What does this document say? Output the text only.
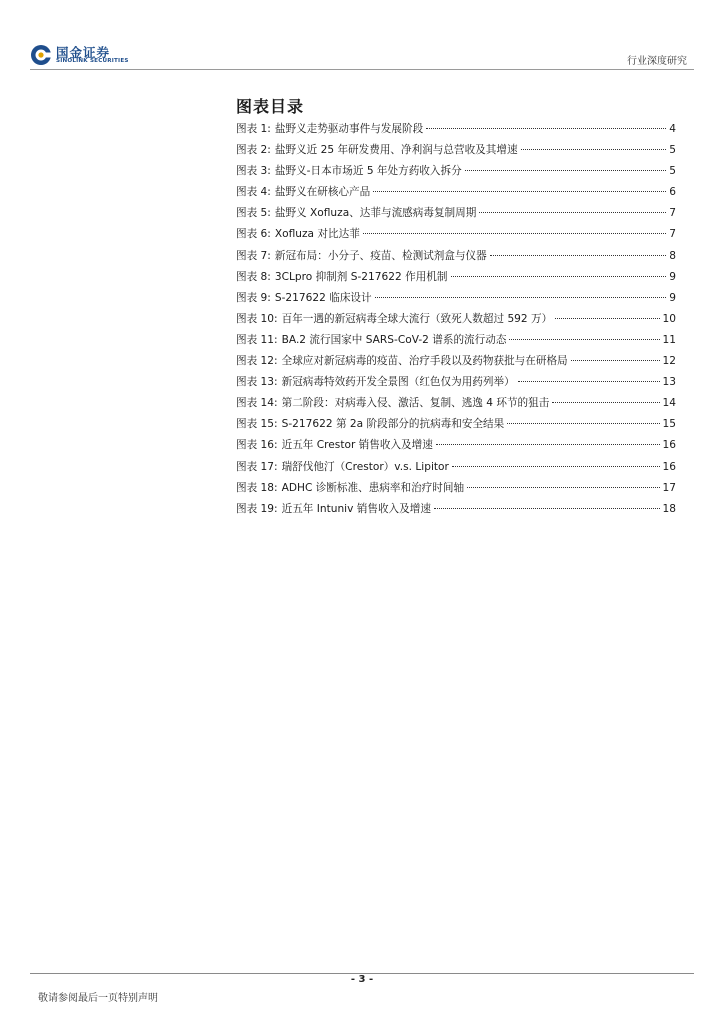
国金证券
SINOLINK SECURITIES	行业深度研究
图表目录
图表 1: 盐野义走势驱动事件与发展阶段	4
图表 2: 盐野义近 25 年研发费用、净利润与总营收及其增速	5
图表 3: 盐野义-日本市场近 5 年处方药收入拆分	5
图表 4: 盐野义在研核心产品	6
图表 5: 盐野义 Xofluza、达菲与流感病毒复制周期	7
图表 6: Xofluza 对比达菲	7
图表 7: 新冠布局：小分子、疫苗、检测试剂盒与仪器	8
图表 8: 3CLpro 抑制剂 S-217622 作用机制	9
图表 9: S-217622 临床设计	9
图表 10: 百年一遇的新冠病毒全球大流行（致死人数超过 592 万）	10
图表 11: BA.2 流行国家中 SARS-CoV-2 谱系的流行动态	11
图表 12: 全球应对新冠病毒的疫苗、治疗手段以及药物获批与在研格局	12
图表 13: 新冠病毒特效药开发全景图（红色仅为用药列举）	13
图表 14: 第二阶段：对病毒入侵、激活、复制、逃逸 4 环节的狙击	14
图表 15: S-217622 第 2a 阶段部分的抗病毒和安全结果	15
图表 16: 近五年 Crestor 销售收入及增速	16
图表 17: 瑞舒伐他汀（Crestor）v.s. Lipitor	16
图表 18: ADHC 诊断标准、患病率和治疗时间轴	17
图表 19: 近五年 Intuniv 销售收入及增速	18
- 3 -
敬请参阅最后一页特别声明
